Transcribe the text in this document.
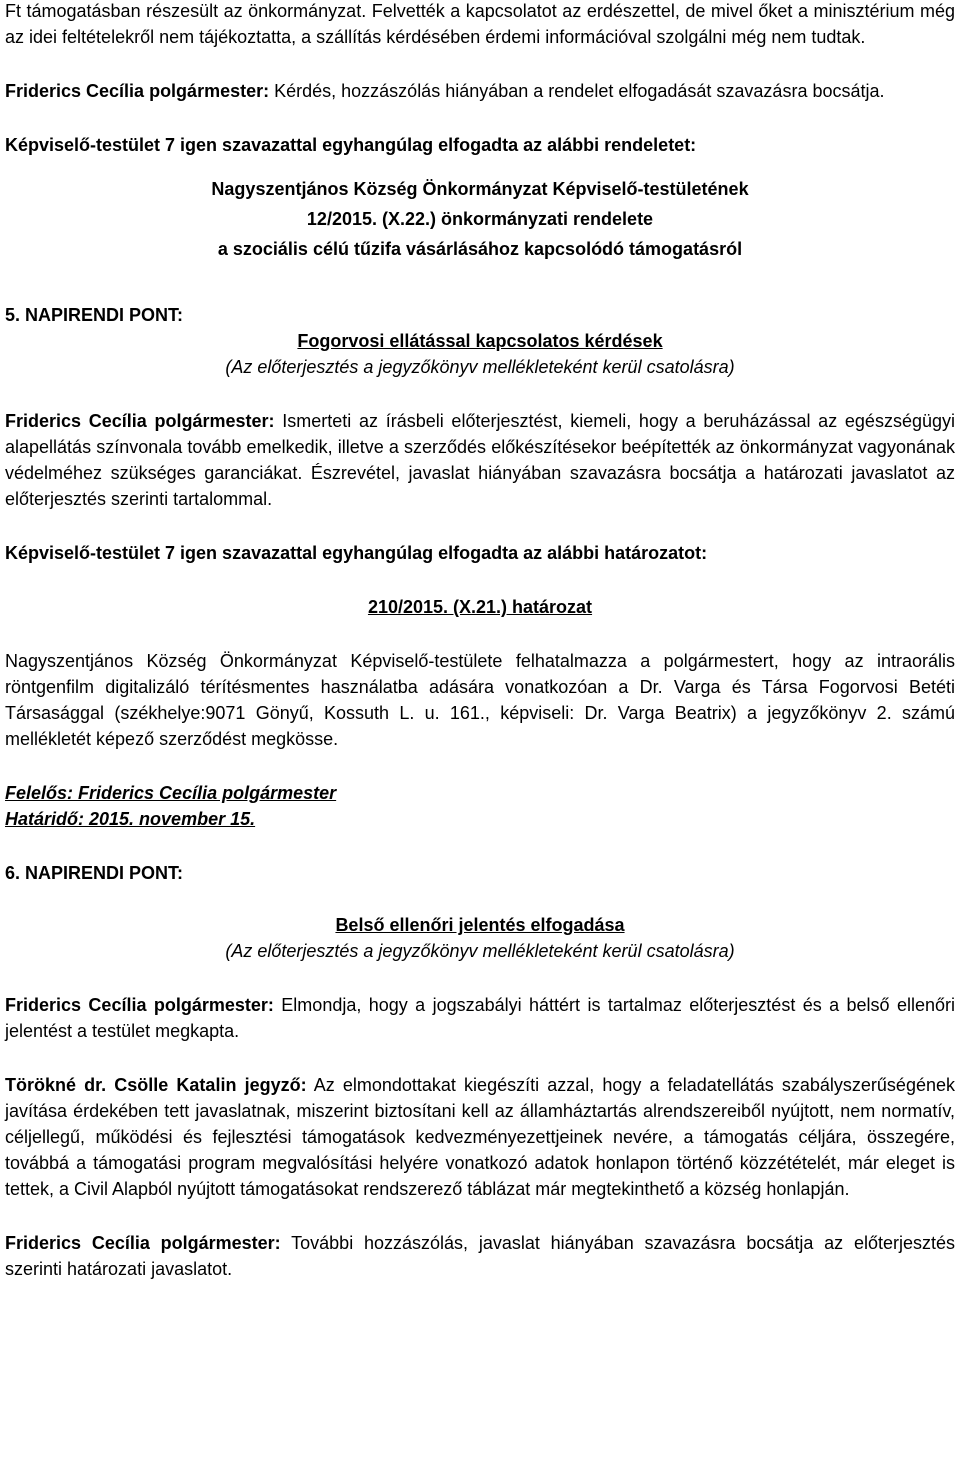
Ft támogatásban részesült az önkormányzat. Felvették a kapcsolatot az erdészettel, de mivel őket a minisztérium még az idei feltételekről nem tájékoztatta, a szállítás kérdésében érdemi információval szolgálni még nem tudtak.

Friderics Cecília polgármester: Kérdés, hozzászólás hiányában a rendelet elfogadását szavazásra bocsátja.

Képviselő-testület 7 igen szavazattal egyhangúlag elfogadta az alábbi rendeletet:

Nagyszentjános Község Önkormányzat Képviselő-testületének
12/2015. (X.22.) önkormányzati rendelete
a szociális célú tűzifa vásárlásához kapcsolódó támogatásról
5. NAPIRENDI PONT:
Fogorvosi ellátással kapcsolatos kérdések
(Az előterjesztés a jegyzőkönyv mellékleteként kerül csatolásra)

Friderics Cecília polgármester: Ismerteti az írásbeli előterjesztést, kiemeli, hogy a beruházással az egészségügyi alapellátás színvonala tovább emelkedik, illetve a szerződés előkészítésekor beépítették az önkormányzat vagyonának védelméhez szükséges garanciákat. Észrevétel, javaslat hiányában szavazásra bocsátja a határozati javaslatot az előterjesztés szerinti tartalommal.

Képviselő-testület 7 igen szavazattal egyhangúlag elfogadta az alábbi határozatot:

210/2015. (X.21.) határozat

Nagyszentjános Község Önkormányzat Képviselő-testülete felhatalmazza a polgármestert, hogy az intraorális röntgenfilm digitalizáló térítésmentes használatba adására vonatkozóan a Dr. Varga és Társa Fogorvosi Betéti Társasággal (székhelye:9071 Gönyű, Kossuth L. u. 161., képviseli: Dr. Varga Beatrix) a jegyzőkönyv 2. számú mellékletét képező szerződést megkösse.

Felelős: Friderics Cecília polgármester
Határidő: 2015. november 15.
6. NAPIRENDI PONT:
Belső ellenőri jelentés elfogadása
(Az előterjesztés a jegyzőkönyv mellékleteként kerül csatolásra)

Friderics Cecília polgármester: Elmondja, hogy a jogszabályi háttért is tartalmaz előterjesztést és a belső ellenőri jelentést a testület megkapta.

Törökné dr. Csölle Katalin jegyző: Az elmondottakat kiegészíti azzal, hogy a feladatellátás szabályszerűségének javítása érdekében tett javaslatnak, miszerint biztosítani kell az államháztartás alrendszereiből nyújtott, nem normatív, céljellegű, működési és fejlesztési támogatások kedvezményezettjeinek nevére, a támogatás céljára, összegére, továbbá a támogatási program megvalósítási helyére vonatkozó adatok honlapon történő közzétételét, már eleget is tettek, a Civil Alapból nyújtott támogatásokat rendszerező táblázat már megtekinthető a község honlapján.

Friderics Cecília polgármester: További hozzászólás, javaslat hiányában szavazásra bocsátja az előterjesztés szerinti határozati javaslatot.
